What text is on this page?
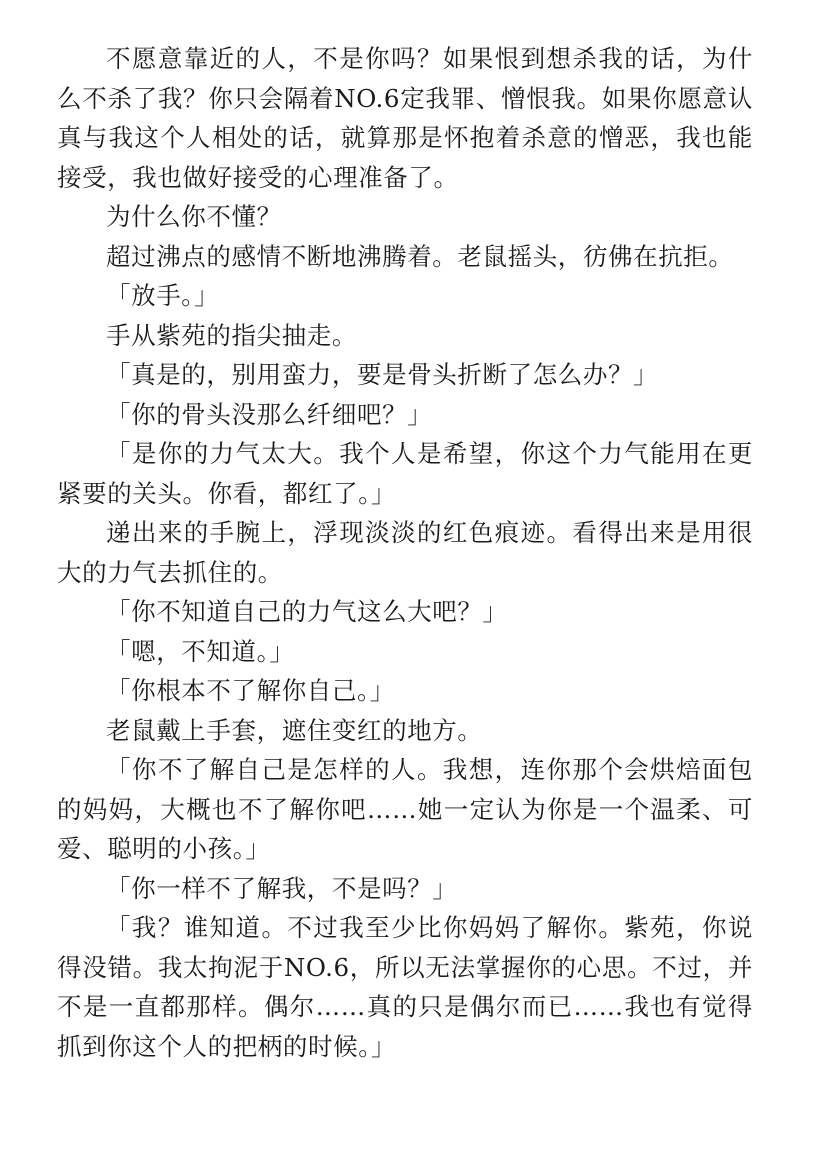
不愿意靠近的人，不是你吗？如果恨到想杀我的话，为什么不杀了我？你只会隔着NO.6定我罪、憎恨我。如果你愿意认真与我这个人相处的话，就算那是怀抱着杀意的憎恶，我也能接受，我也做好接受的心理准备了。

为什么你不懂？

超过沸点的感情不断地沸腾着。老鼠摇头，彷佛在抗拒。

「放手。」

手从紫苑的指尖抽走。

「真是的，别用蛮力，要是骨头折断了怎么办？」

「你的骨头没那么纤细吧？」

「是你的力气太大。我个人是希望，你这个力气能用在更紧要的关头。你看，都红了。」

递出来的手腕上，浮现淡淡的红色痕迹。看得出来是用很大的力气去抓住的。

「你不知道自己的力气这么大吧？」

「嗯，不知道。」

「你根本不了解你自己。」

老鼠戴上手套，遮住变红的地方。

「你不了解自己是怎样的人。我想，连你那个会烘焙面包的妈妈，大概也不了解你吧……她一定认为你是一个温柔、可爱、聪明的小孩。」

「你一样不了解我，不是吗？」

「我？谁知道。不过我至少比你妈妈了解你。紫苑，你说得没错。我太拘泥于NO.6，所以无法掌握你的心思。不过，并不是一直都那样。偶尔……真的只是偶尔而已……我也有觉得抓到你这个人的把柄的时候。」
